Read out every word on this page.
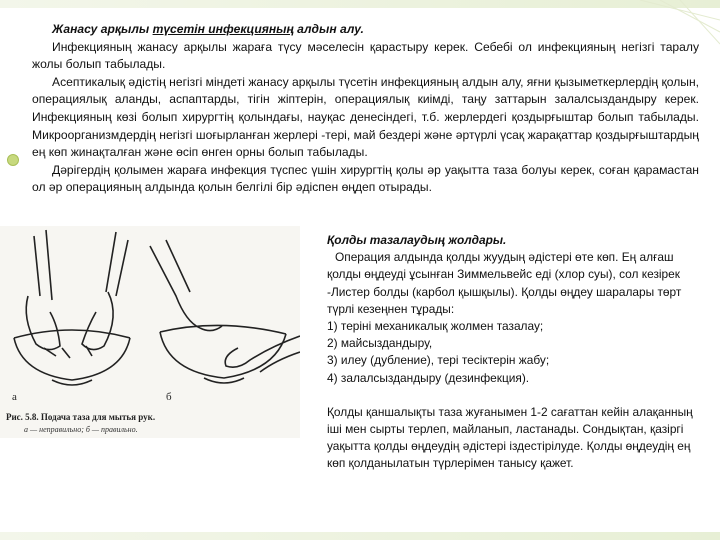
Жанасу арқылы түсетін инфекцияның алдын алу.

Инфекцияның жанасу арқылы жарағa түсу мәселесін қарастыру керек. Себебі ол инфекцияның негізгі таралу жолы болып табылады.

Асептикалық әдістің негізгі міндеті жанасу арқылы түсетін инфекцияның алдын алу, яғни қызыметкерлердің қолын, операциялық аланды, аспаптарды, тігін жіптерін, операциялық киімді, таңу заттарын залалсыздандыру керек. Инфекцияның көзі болып хирургтің қолындағы, науқас денесіндегі, т.б. жерлердегі қоздырғыштар болып табылады. Микроорганизмдердің негізгі шоғырланған жерлері -тері, май бездері және әртүрлі үсақ жарақаттар қоздырғыштардың ең көп жинақталған және өсіп өнген орны болып табылады.

Дәрігердің қолымен жарағa инфекция түспес үшін хирургтің қолы әр уақытта таза болуы керек, соған қарамастан ол әр операцияның алдында қолын белгілі бір әдіспен өңдеп отырады.

а	б
Рис. 5.8. Подача таза для мытья рук.
а — неправильно; б — правильно.

Қолды тазалаудың жолдары.

Операция алдында қолды жуудың әдістері өте көп. Ең алғаш қолды өңдеуді ұсынған Зиммельвейс еді (хлор суы), сол кезірек -Листер болды (карбол қышқылы). Қолды өңдеу шаралары төрт түрлі кезеңнен тұрады:

1) теріні механикалық жолмен тазалау;

2) майсыздандыру,

3) илеу (дубление), тері тесіктерін жабу;

4) залалсыздандыру (дезинфекция).

Қолды қаншалықты таза жуғанымен 1-2 сағаттан кейін алақанның іші мен сырты терлеп, майланып, ластанады. Сондықтан, қазіргі уақытта қолды өңдеудің әдістері іздестірілуде. Қолды өңдеудің ең көп қолданылатын түрлерімен танысу қажет.
